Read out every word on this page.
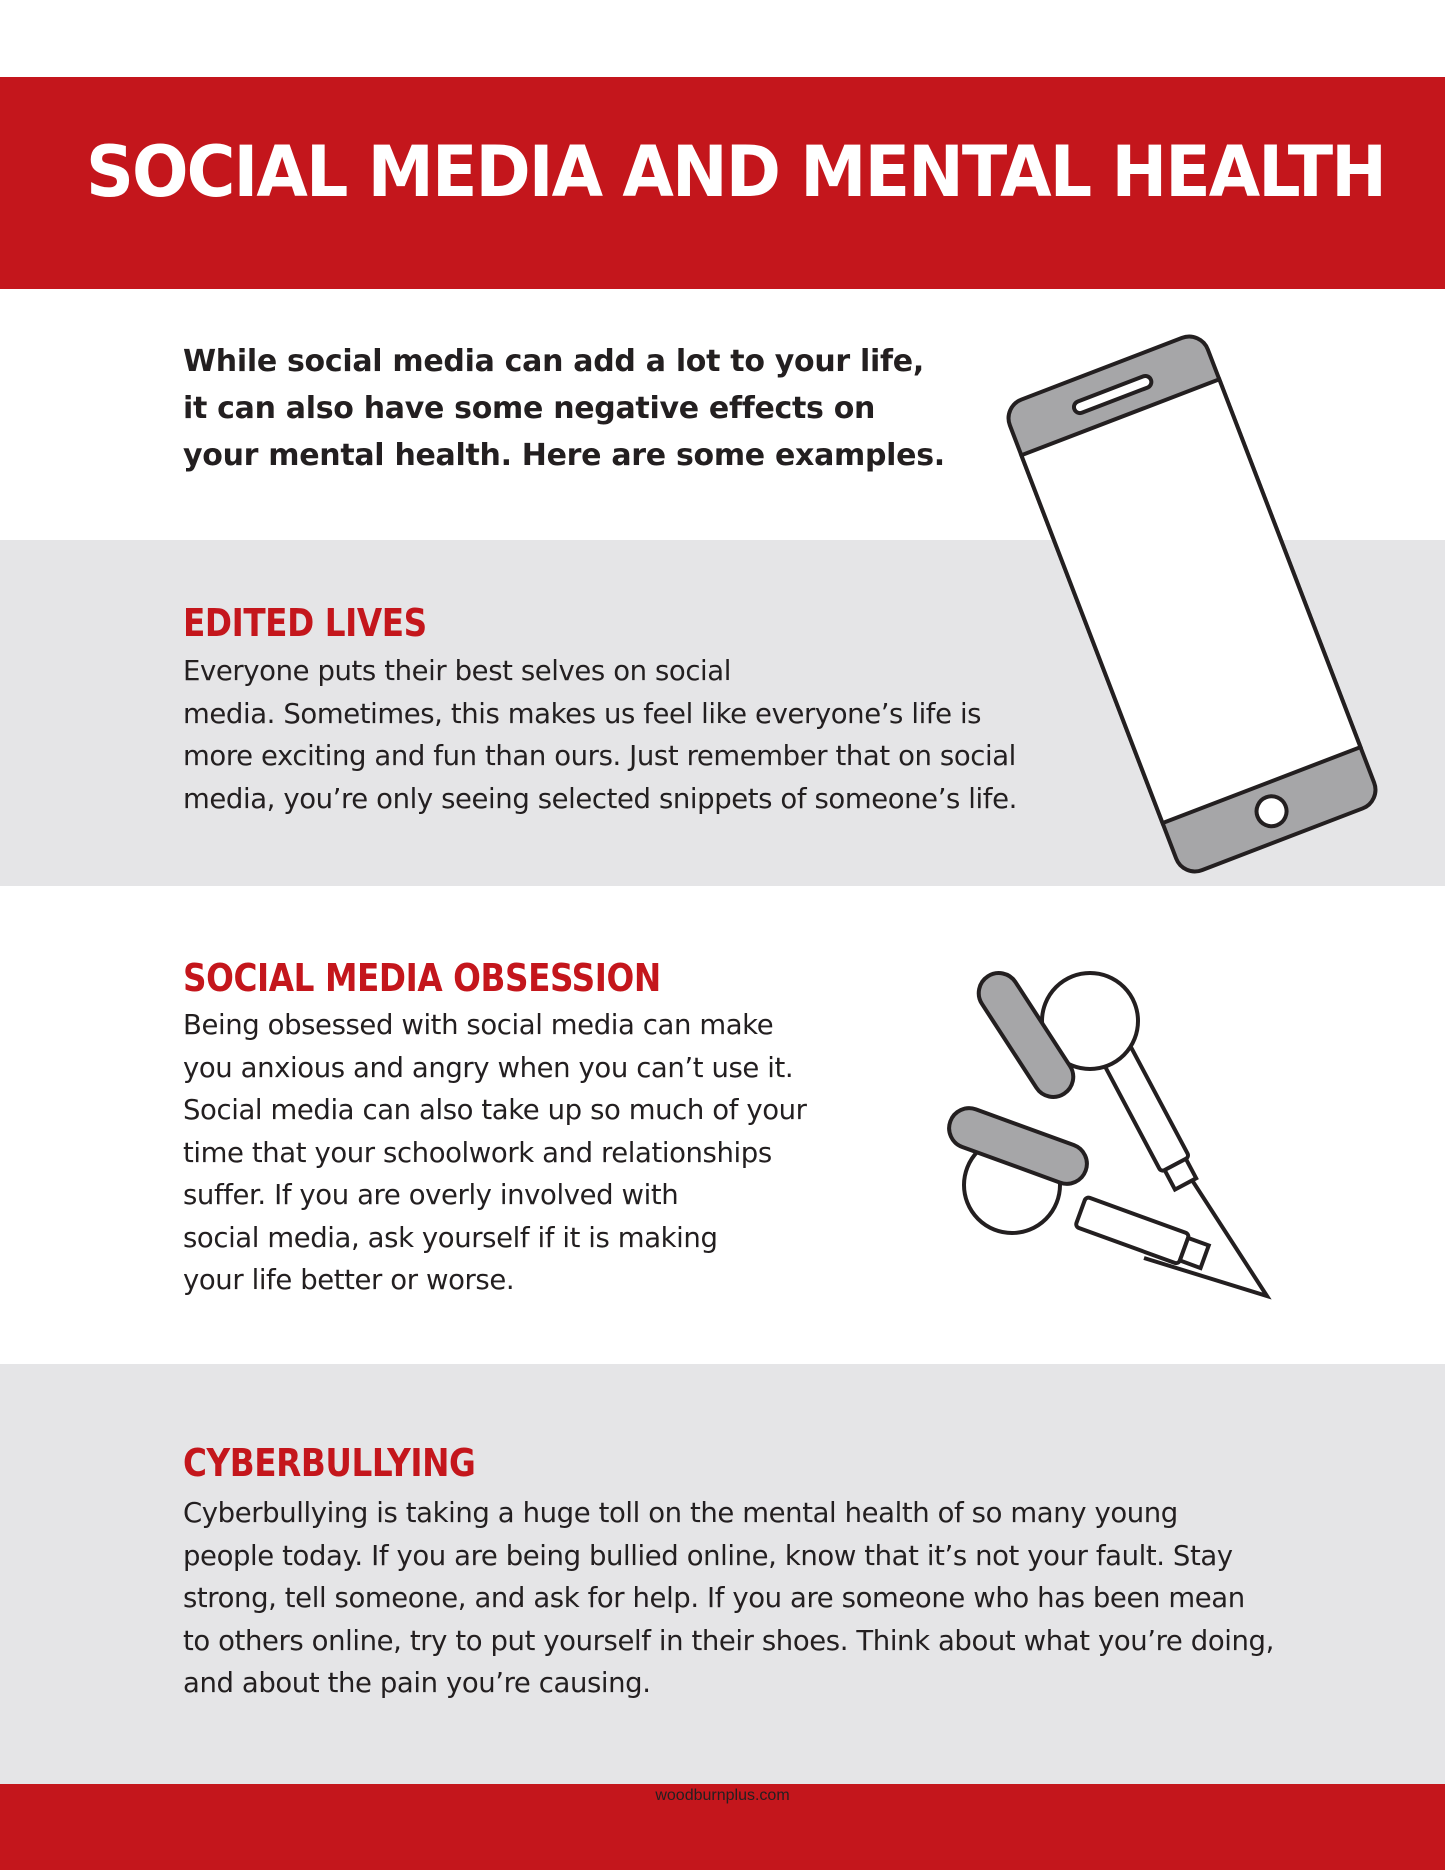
SOCIAL MEDIA AND MENTAL HEALTH
While social media can add a lot to your life,
it can also have some negative effects on
your mental health. Here are some examples.
EDITED LIVES
Everyone puts their best selves on social
media. Sometimes, this makes us feel like everyone’s life is
more exciting and fun than ours. Just remember that on social
media, you’re only seeing selected snippets of someone’s life.
SOCIAL MEDIA OBSESSION
Being obsessed with social media can make
you anxious and angry when you can’t use it.
Social media can also take up so much of your
time that your schoolwork and relationships
suffer. If you are overly involved with
social media, ask yourself if it is making
your life better or worse.
CYBERBULLYING
Cyberbullying is taking a huge toll on the mental health of so many young
people today. If you are being bullied online, know that it’s not your fault. Stay
strong, tell someone, and ask for help. If you are someone who has been mean
to others online, try to put yourself in their shoes. Think about what you’re doing,
and about the pain you’re causing.
woodburnplus.com
